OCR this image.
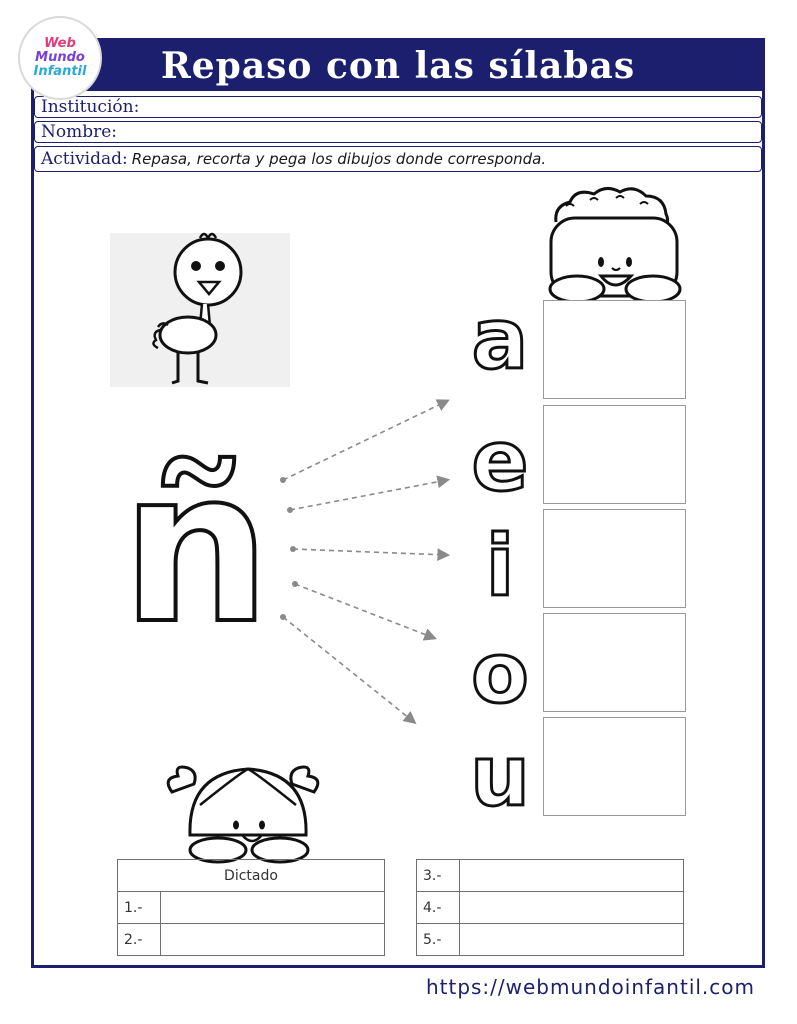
Repaso con las sílabas
Web
Mundo
Infantil
Institución:
Nombre:
Actividad: Repasa, recorta y pega los dibujos donde corresponda.
ñ
a
e
i
o
u
Dictado	
1.-	
2.-	
3.-	
4.-	
5.-	
https://webmundoinfantil.com
